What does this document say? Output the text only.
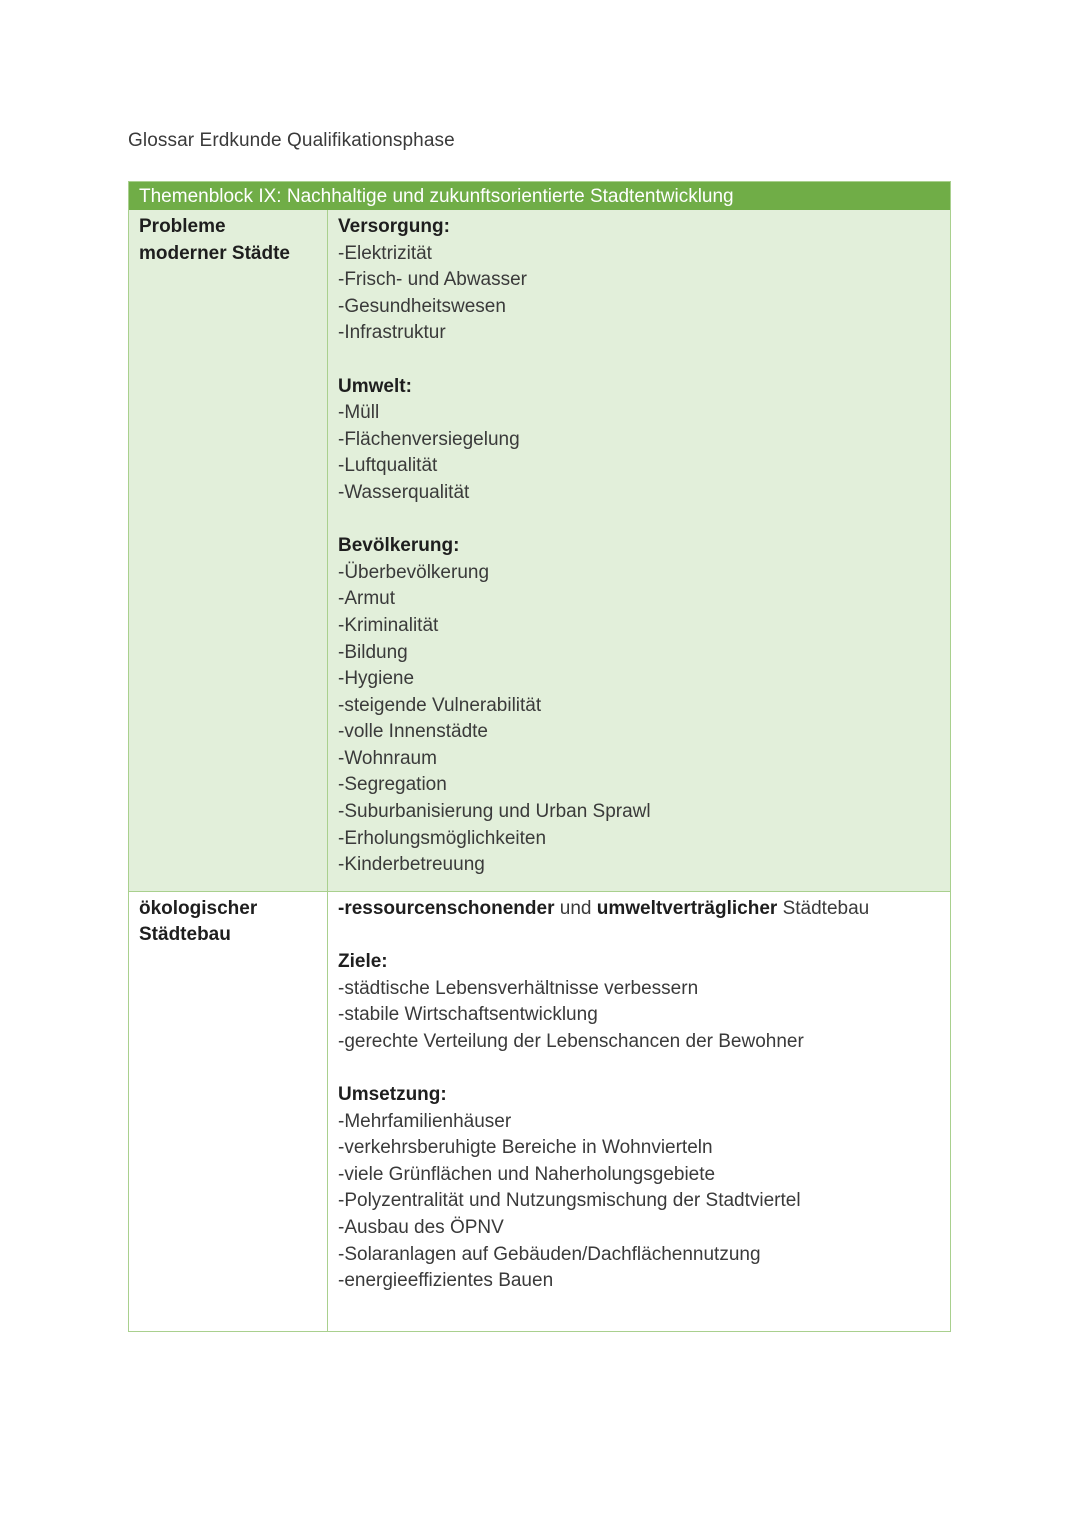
Glossar Erdkunde Qualifikationsphase
Themenblock IX: Nachhaltige und zukunftsorientierte Stadtentwicklung
Probleme moderner Städte
Versorgung:
-Elektrizität
-Frisch- und Abwasser
-Gesundheitswesen
-Infrastruktur
Umwelt:
-Müll
-Flächenversiegelung
-Luftqualität
-Wasserqualität
Bevölkerung:
-Überbevölkerung
-Armut
-Kriminalität
-Bildung
-Hygiene
-steigende Vulnerabilität
-volle Innenstädte
-Wohnraum
-Segregation
-Suburbanisierung und Urban Sprawl
-Erholungsmöglichkeiten
-Kinderbetreuung
ökologischer Städtebau
-ressourcenschonender und umweltverträglicher Städtebau
Ziele:
-städtische Lebensverhältnisse verbessern
-stabile Wirtschaftsentwicklung
-gerechte Verteilung der Lebenschancen der Bewohner
Umsetzung:
-Mehrfamilienhäuser
-verkehrsberuhigte Bereiche in Wohnvierteln
-viele Grünflächen und Naherholungsgebiete
-Polyzentralität und Nutzungsmischung der Stadtviertel
-Ausbau des ÖPNV
-Solaranlagen auf Gebäuden/Dachflächennutzung
-energieeffizientes Bauen
